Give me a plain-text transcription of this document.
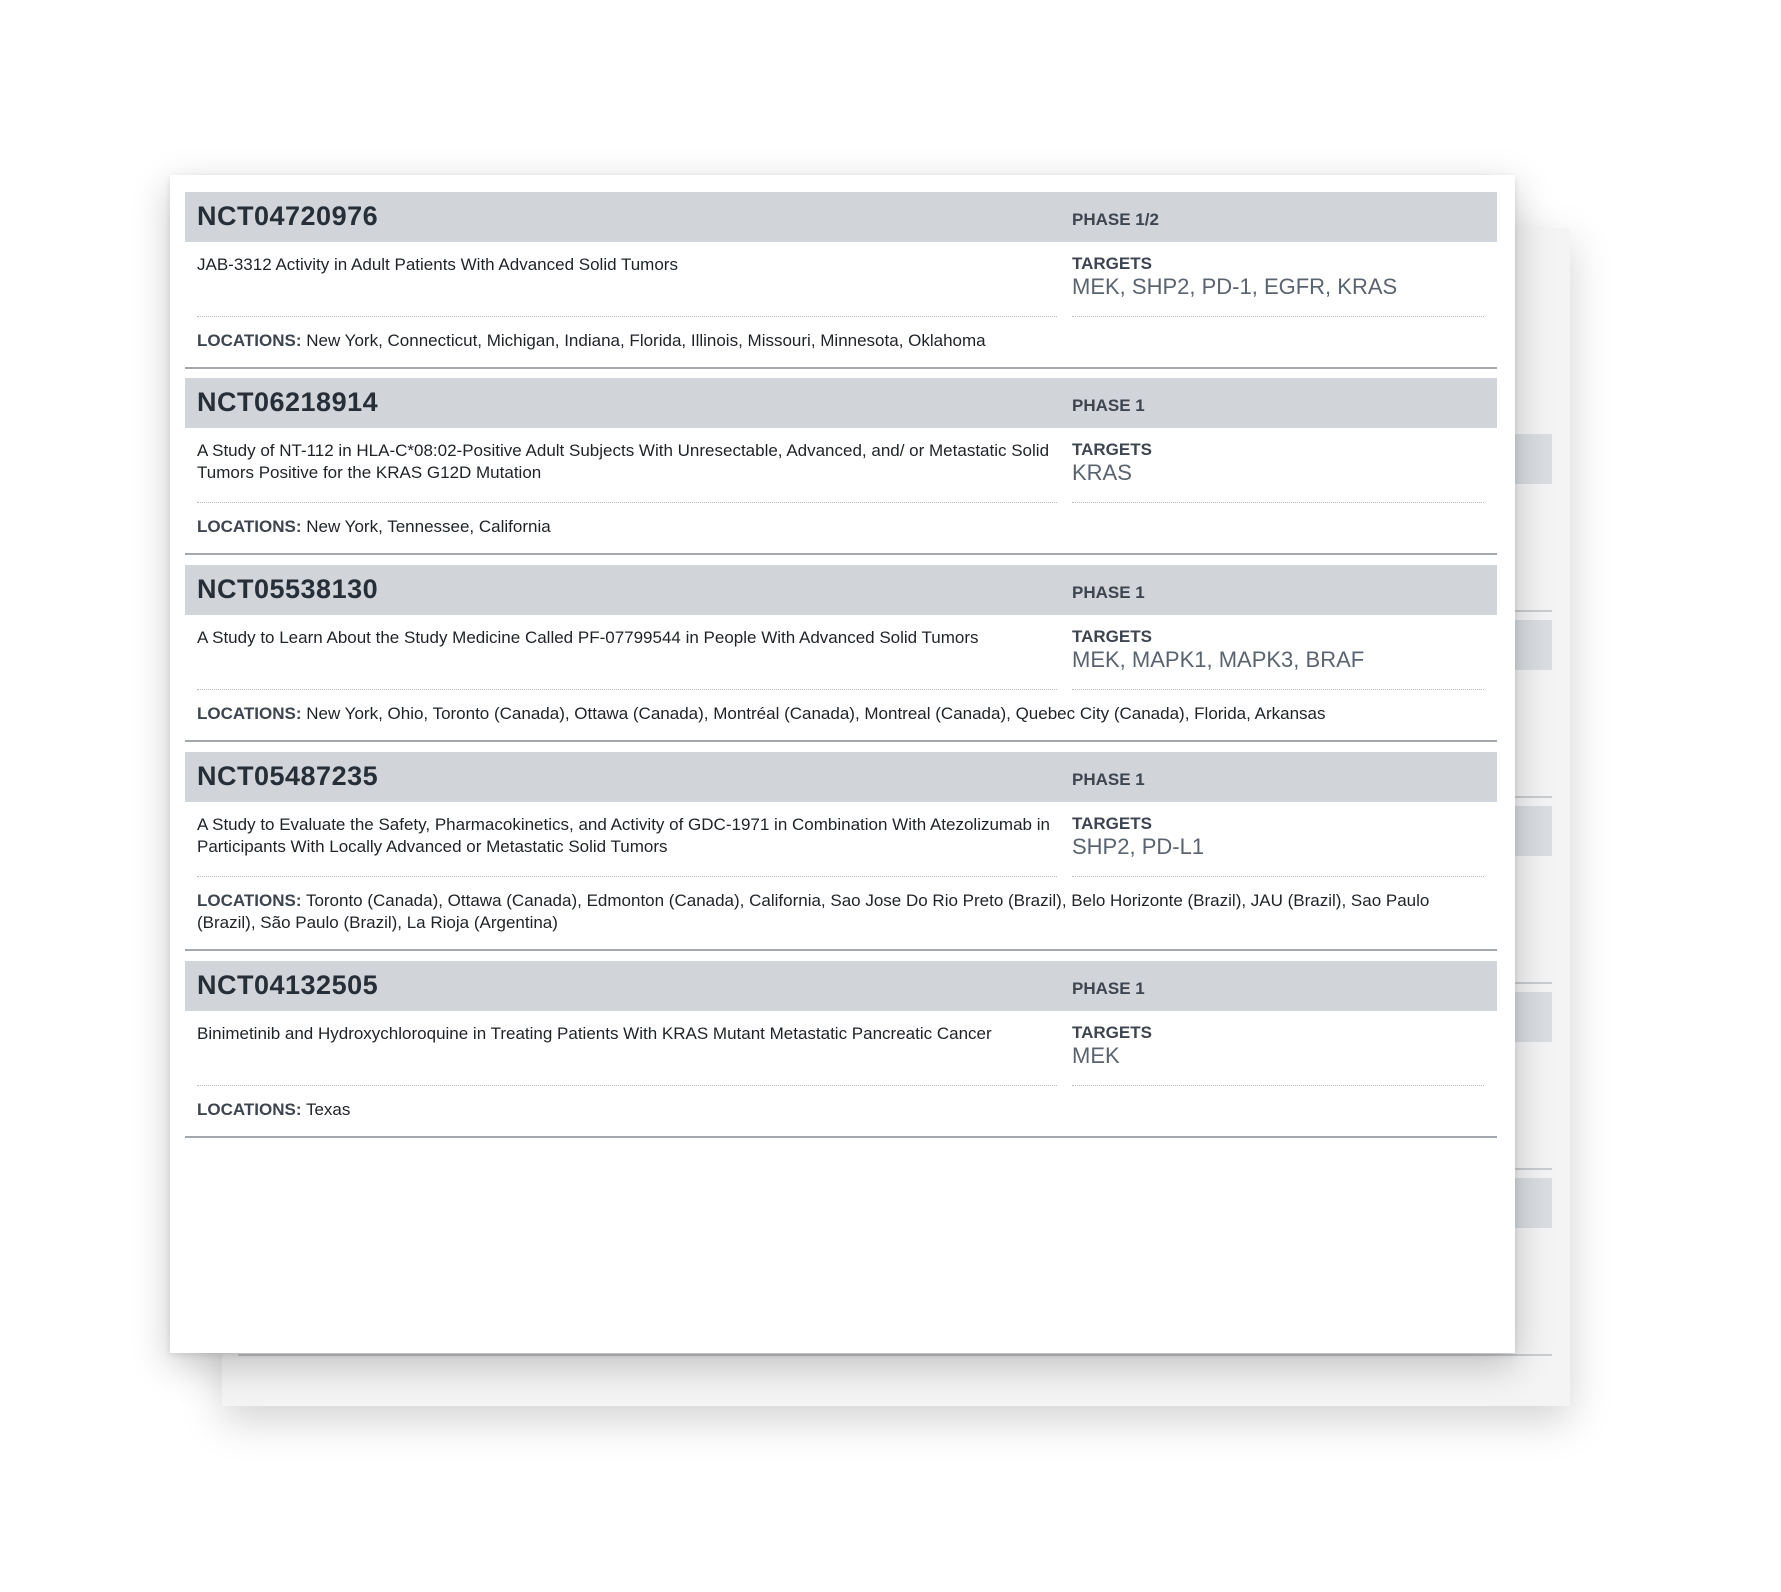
NCT04720976	PHASE 1/2
JAB-3312 Activity in Adult Patients With Advanced Solid Tumors	TARGETS
MEK, SHP2, PD-1, EGFR, KRAS
LOCATIONS: New York, Connecticut, Michigan, Indiana, Florida, Illinois, Missouri, Minnesota, Oklahoma
NCT06218914	PHASE 1
A Study of NT-112 in HLA-C*08:02-Positive Adult Subjects With Unresectable, Advanced, and/ or Metastatic Solid Tumors Positive for the KRAS G12D Mutation
TARGETS
KRAS
LOCATIONS: New York, Tennessee, California
NCT05538130	PHASE 1
A Study to Learn About the Study Medicine Called PF-07799544 in People With Advanced Solid Tumors	TARGETS
MEK, MAPK1, MAPK3, BRAF
LOCATIONS: New York, Ohio, Toronto (Canada), Ottawa (Canada), Montréal (Canada), Montreal (Canada), Quebec City (Canada), Florida, Arkansas
NCT05487235	PHASE 1
A Study to Evaluate the Safety, Pharmacokinetics, and Activity of GDC-1971 in Combination With Atezolizumab in Participants With Locally Advanced or Metastatic Solid Tumors
TARGETS
SHP2, PD-L1
LOCATIONS: Toronto (Canada), Ottawa (Canada), Edmonton (Canada), California, Sao Jose Do Rio Preto (Brazil), Belo Horizonte (Brazil), JAU (Brazil), Sao Paulo (Brazil), São Paulo (Brazil), La Rioja (Argentina)
NCT04132505	PHASE 1
Binimetinib and Hydroxychloroquine in Treating Patients With KRAS Mutant Metastatic Pancreatic Cancer	TARGETS
MEK
LOCATIONS: Texas
